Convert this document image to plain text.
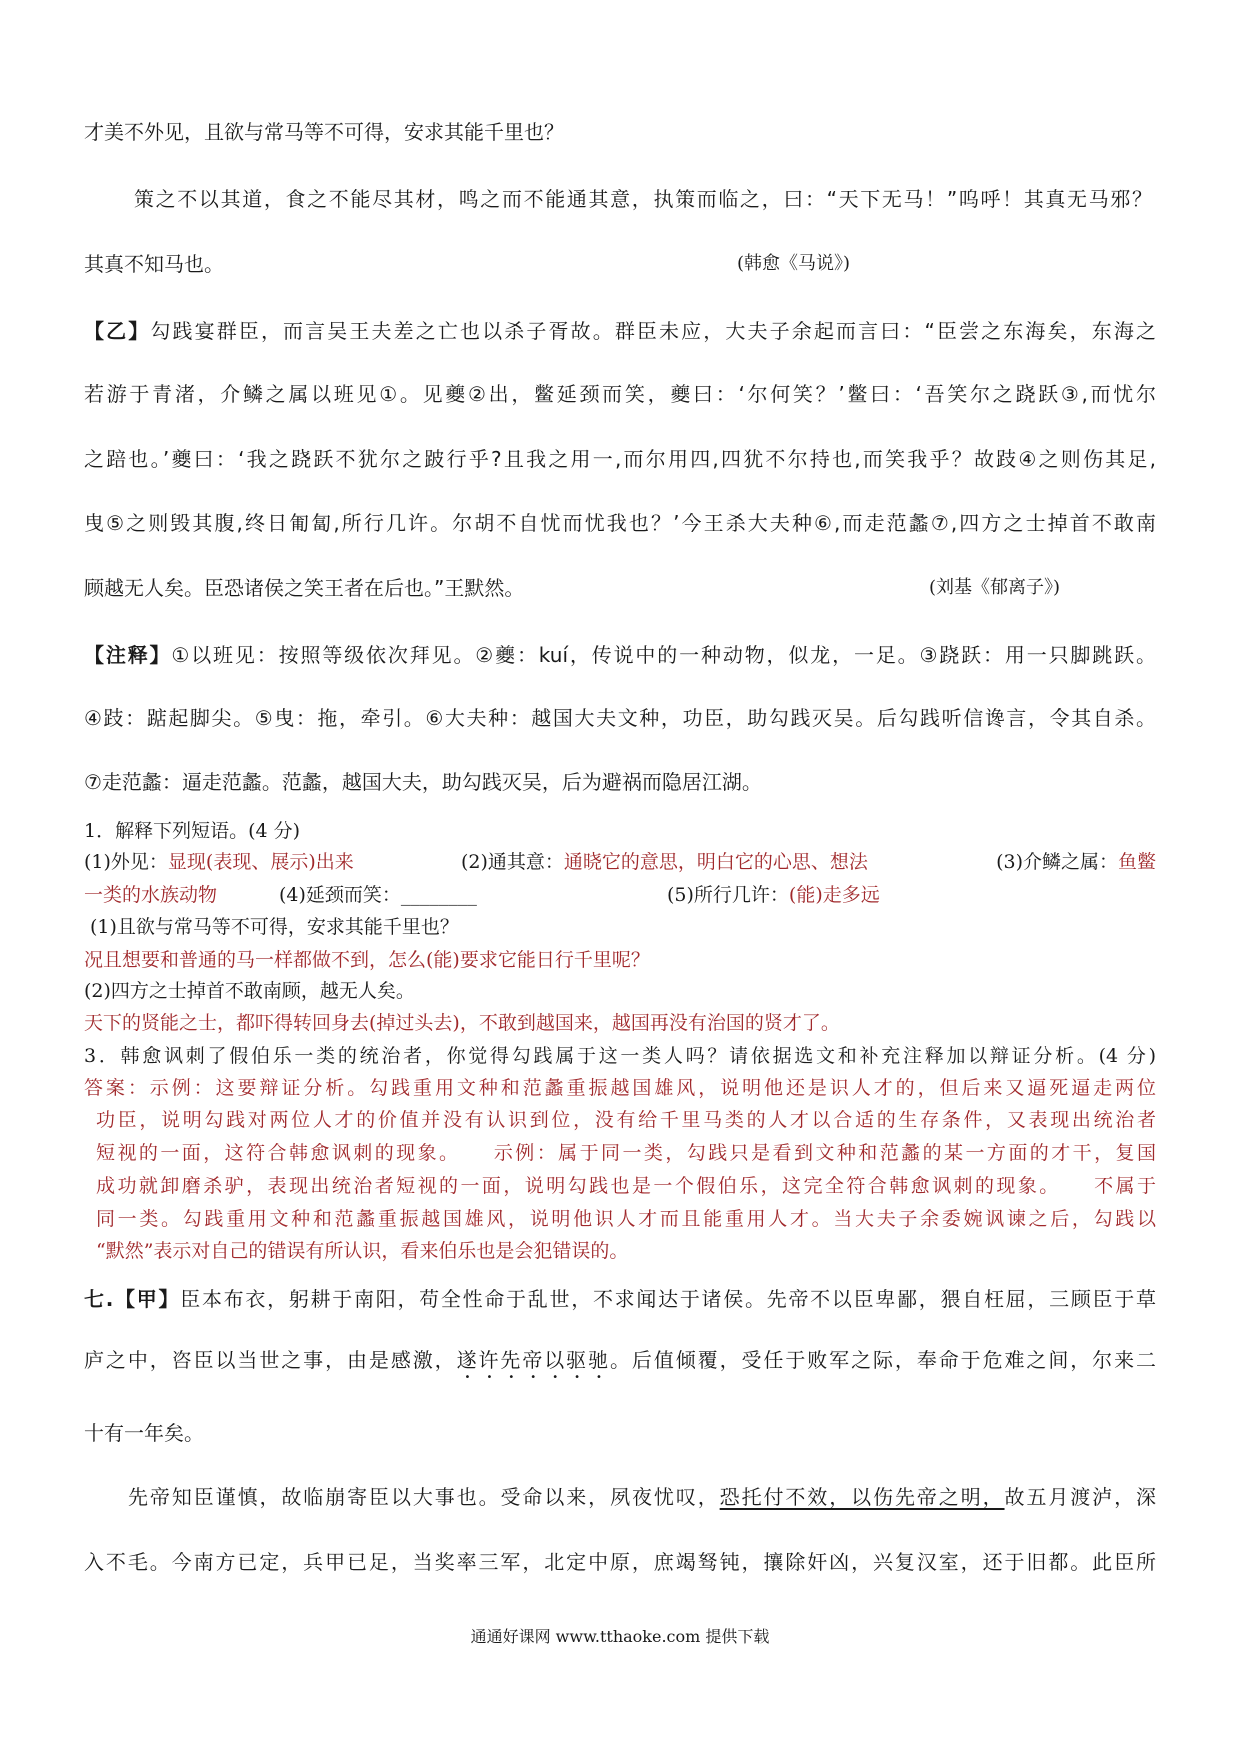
才美不外见，且欲与常马等不可得，安求其能千里也？
策之不以其道，食之不能尽其材，鸣之而不能通其意，执策而临之，曰：“天下无马！”呜呼！其真无马邪？
其真不知马也。	(韩愈《马说》)
【乙】勾践宴群臣，而言吴王夫差之亡也以杀子胥故。群臣未应，大夫子余起而言曰：“臣尝之东海矣，东海之
若游于青渚，介鳞之属以班见①。见夔②出，鳖延颈而笑，夔曰：‘尔何笑？’鳖曰：‘吾笑尔之跷跃③,而忧尔
之踣也。’夔曰：‘我之跷跃不犹尔之跛行乎?且我之用一,而尔用四,四犹不尔持也,而笑我乎？故跂④之则伤其足,
曳⑤之则毁其腹,终日匍匐,所行几许。尔胡不自忧而忧我也？’今王杀大夫种⑥,而走范蠡⑦,四方之士掉首不敢南
顾越无人矣。臣恐诸侯之笑王者在后也。”王默然。	(刘基《郁离子》)
【注释】①以班见：按照等级依次拜见。②夔：kuí，传说中的一种动物，似龙，一足。③跷跃：用一只脚跳跃。
④跂：踮起脚尖。⑤曳：拖，牵引。⑥大夫种：越国大夫文种，功臣，助勾践灭吴。后勾践听信谗言，令其自杀。
⑦走范蠡：逼走范蠡。范蠡，越国大夫，助勾践灭吴，后为避祸而隐居江湖。
1．解释下列短语。(4 分)
(1)外见：显现(表现、展示)出来	(2)通其意：通晓它的意思，明白它的心思、想法	(3)介鳞之属：鱼鳖
一类的水族动物	(4)延颈而笑：________	(5)所行几许：(能)走多远
(1)且欲与常马等不可得，安求其能千里也？
况且想要和普通的马一样都做不到，怎么(能)要求它能日行千里呢？
(2)四方之士掉首不敢南顾，越无人矣。
天下的贤能之士，都吓得转回身去(掉过头去)，不敢到越国来，越国再没有治国的贤才了。
3．韩愈讽刺了假伯乐一类的统治者，你觉得勾践属于这一类人吗？请依据选文和补充注释加以辩证分析。(4 分)
答案：示例：这要辩证分析。勾践重用文种和范蠡重振越国雄风，说明他还是识人才的，但后来又逼死逼走两位
功臣，说明勾践对两位人才的价值并没有认识到位，没有给千里马类的人才以合适的生存条件，又表现出统治者
短视的一面，这符合韩愈讽刺的现象。　　示例：属于同一类，勾践只是看到文种和范蠡的某一方面的才干，复国
成功就卸磨杀驴，表现出统治者短视的一面，说明勾践也是一个假伯乐，这完全符合韩愈讽刺的现象。　　不属于
同一类。勾践重用文种和范蠡重振越国雄风，说明他识人才而且能重用人才。当大夫子余委婉讽谏之后，勾践以
“默然”表示对自己的错误有所认识，看来伯乐也是会犯错误的。
七.【甲】臣本布衣，躬耕于南阳，苟全性命于乱世，不求闻达于诸侯。先帝不以臣卑鄙，猥自枉屈，三顾臣于草
庐之中，咨臣以当世之事，由是感激，遂许先帝以驱驰。后值倾覆，受任于败军之际，奉命于危难之间，尔来二
十有一年矣。
先帝知臣谨慎，故临崩寄臣以大事也。受命以来，夙夜忧叹，恐托付不效，以伤先帝之明，故五月渡泸，深
入不毛。今南方已定，兵甲已足，当奖率三军，北定中原，庶竭驽钝，攘除奸凶，兴复汉室，还于旧都。此臣所
通通好课网 www.tthaoke.com 提供下载
